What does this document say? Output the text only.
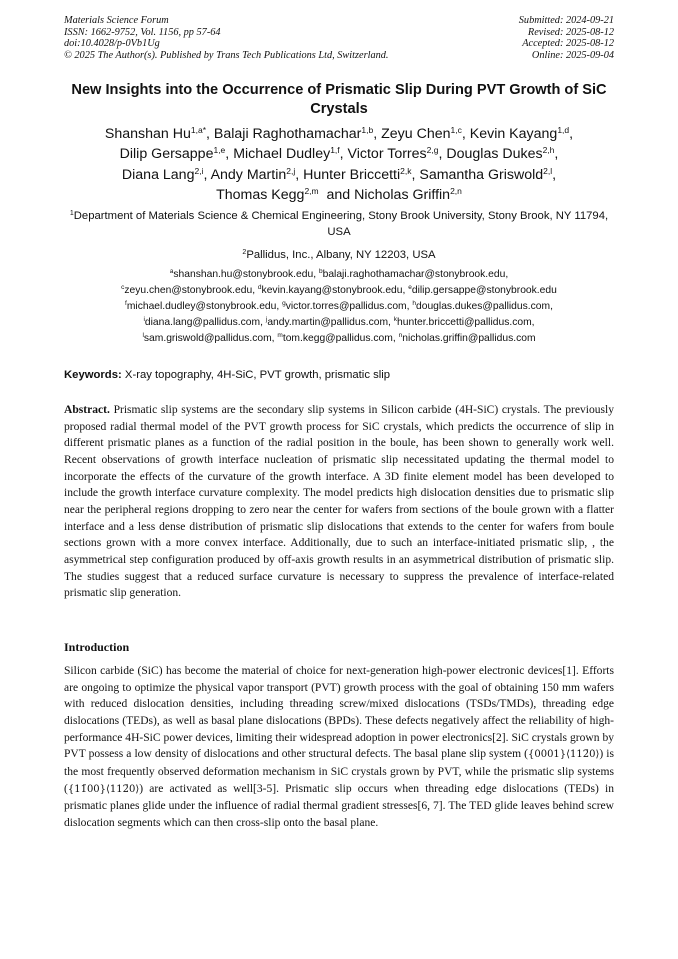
Materials Science Forum
ISSN: 1662-9752, Vol. 1156, pp 57-64
doi:10.4028/p-0Vb1Ug
© 2025 The Author(s). Published by Trans Tech Publications Ltd, Switzerland.
Submitted: 2024-09-21
Revised: 2025-08-12
Accepted: 2025-08-12
Online: 2025-09-04
New Insights into the Occurrence of Prismatic Slip During PVT Growth of SiC Crystals
Shanshan $Hu^{1,a*}$, Balaji Raghothamachar$^{1,b}$, Zeyu Chen$^{1,c}$, Kevin Kayang$^{1,d}$,
Dilip Gersappe$^{1,e}$, Michael Dudley$^{1,f}$, Victor Torres$^{2,g}$, Douglas Dukes$^{2,h}$,
Diana Lang$^{2,i}$, Andy Martin$^{2,j}$, Hunter Briccetti$^{2,k}$, Samantha Griswold$^{2,l}$,
Thomas Kegg$^{2,m}$ and Nicholas Griffin$^{2,n}$
$^1$Department of Materials Science & Chemical Engineering, Stony Brook University, Stony Brook, NY 11794, USA
$^2$Pallidus, Inc., Albany, NY 12203, USA
$^a$shanshan.hu@stonybrook.edu, $^b$balaji.raghothamachar@stonybrook.edu,
$^c$zeyu.chen@stonybrook.edu, $^d$kevin.kayang@stonybrook.edu, $^e$dilip.gersappe@stonybrook.edu
$^f$michael.dudley@stonybrook.edu, $^g$victor.torres@pallidus.com, $^h$douglas.dukes@pallidus.com,
$^i$diana.lang@pallidus.com, $^j$andy.martin@pallidus.com, $^k$hunter.briccetti@pallidus.com,
$^l$sam.griswold@pallidus.com, $^m$tom.kegg@pallidus.com, $^n$nicholas.griffin@pallidus.com
Keywords: X-ray topography, 4H-SiC, PVT growth, prismatic slip
Abstract. Prismatic slip systems are the secondary slip systems in Silicon carbide (4H-SiC) crystals. The previously proposed radial thermal model of the PVT growth process for SiC crystals, which predicts the occurrence of slip in different prismatic planes as a function of the radial position in the boule, has been shown to generally work well. Recent observations of growth interface nucleation of prismatic slip necessitated updating the thermal model to incorporate the effects of the curvature of the growth interface. A 3D finite element model has been developed to include the growth interface curvature complexity. The model predicts high dislocation densities due to prismatic slip near the peripheral regions dropping to zero near the center for wafers from sections of the boule grown with a flatter interface and a less dense distribution of prismatic slip dislocations that extends to the center for wafers from boule sections grown with a more convex interface. Additionally, due to such an interface-initiated prismatic slip, , the asymmetrical step configuration produced by off-axis growth results in an asymmetrical distribution of prismatic slip. The studies suggest that a reduced surface curvature is necessary to suppress the prevalence of interface-related prismatic slip generation.
Introduction
Silicon carbide (SiC) has become the material of choice for next-generation high-power electronic devices[1]. Efforts are ongoing to optimize the physical vapor transport (PVT) growth process with the goal of obtaining 150 mm wafers with reduced dislocation densities, including threading screw/mixed dislocations (TSDs/TMDs), threading edge dislocations (TEDs), as well as basal plane dislocations (BPDs). These defects negatively affect the reliability of high-performance 4H-SiC power devices, limiting their widespread adoption in power electronics[2]. SiC crystals grown by PVT possess a low density of dislocations and other structural defects. The basal plane slip system ({0001}⟨112̄0⟩) is the most frequently observed deformation mechanism in SiC crystals grown by PVT, while the prismatic slip systems ({11̄00}⟨112̄0⟩) are activated as well[3-5]. Prismatic slip occurs when threading edge dislocations (TEDs) in prismatic planes glide under the influence of radial thermal gradient stresses[6, 7]. The TED glide leaves behind screw dislocation segments which can then cross-slip onto the basal plane.
